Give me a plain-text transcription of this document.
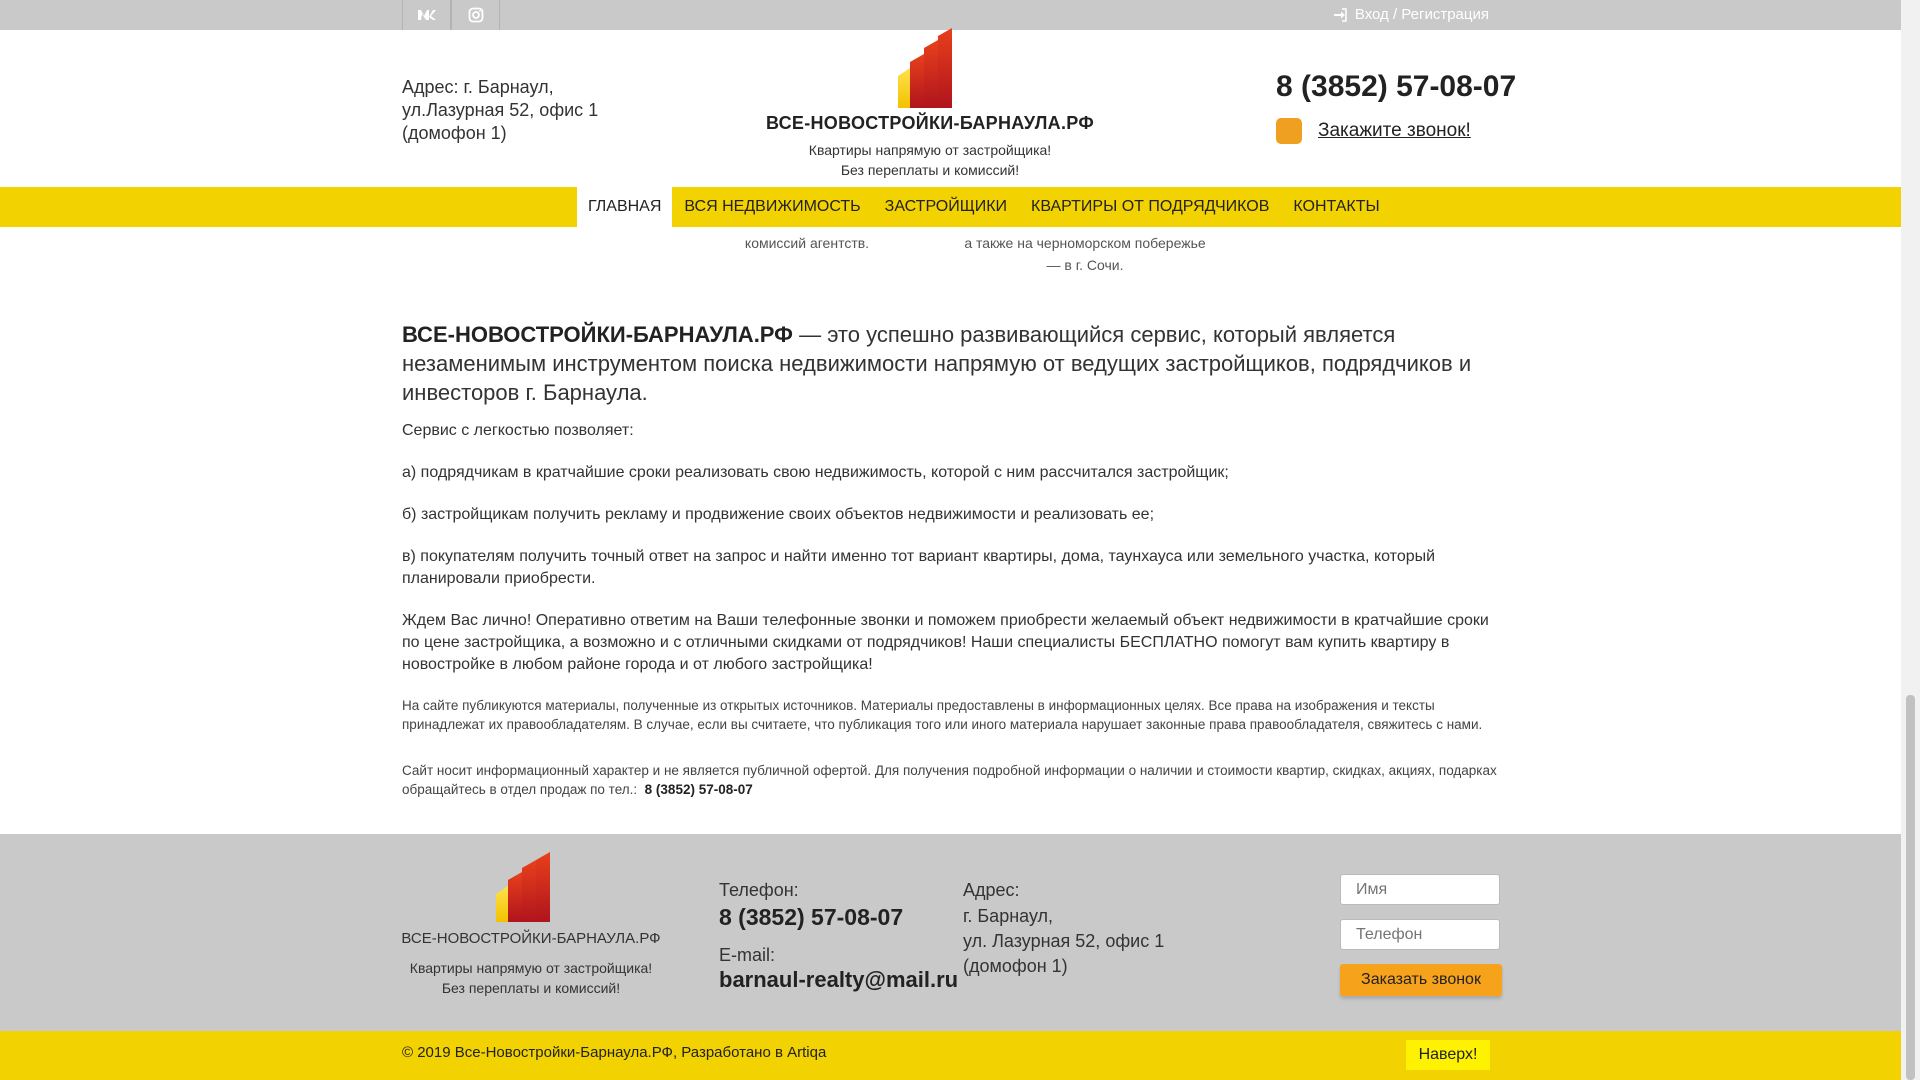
Вход / Регистрация
Адрес: г. Барнаул,
ул.Лазурная 52, офис 1
(домофон 1)	ВСЕ-НОВОСТРОЙКИ-БАРНАУЛА.РФ
Квартиры напрямую от застройщика!
Без переплаты и комиссий!
8 (3852) 57-08-07
Закажите звонок!
комиссий агентств.	а также на черноморском побережье
— в г. Сочи.
ГЛАВНАЯ	ВСЯ НЕДВИЖИМОСТЬ	ЗАСТРОЙЩИКИ	КВАРТИРЫ ОТ ПОДРЯДЧИКОВ	КОНТАКТЫ
ВСЕ-НОВОСТРОЙКИ-БАРНАУЛА.РФ — это успешно развивающийся сервис, который является незаменимым инструментом поиска недвижимости напрямую от ведущих застройщиков, подрядчиков и инвесторов г. Барнаула.
Сервис с легкостью позволяет:
а) подрядчикам в кратчайшие сроки реализовать свою недвижимость, которой с ним рассчитался застройщик;
б) застройщикам получить рекламу и продвижение своих объектов недвижимости и реализовать ее;
в) покупателям получить точный ответ на запрос и найти именно тот вариант квартиры, дома, таунхауса или земельного участка, который планировали приобрести.
Ждем Вас лично! Оперативно ответим на Ваши телефонные звонки и поможем приобрести желаемый объект недвижимости в кратчайшие сроки по цене застройщика, а возможно и с отличными скидками от подрядчиков! Наши специалисты БЕСПЛАТНО помогут вам купить квартиру в новостройке в любом районе города и от любого застройщика!
На сайте публикуются материалы, полученные из открытых источников. Материалы предоставлены в информационных целях. Все права на изображения и тексты принадлежат их правообладателям. В случае, если вы считаете, что публикация того или иного материала нарушает законные права правообладателя, свяжитесь с нами.
Сайт носит информационный характер и не является публичной офертой. Для получения подробной информации о наличии и стоимости квартир, скидках, акциях, подарках обращайтесь в отдел продаж по тел.: 8 (3852) 57-08-07
ВСЕ-НОВОСТРОЙКИ-БАРНАУЛА.РФ
Квартиры напрямую от застройщика!
Без переплаты и комиссий!
Телефон:
8 (3852) 57-08-07
E-mail:
barnaul-realty@mail.ru
Адрес:
г. Барнаул,
ул. Лазурная 52, офис 1
(домофон 1)
Имя
Телефон
Заказать звонок
© 2019 Все-Новостройки-Барнаула.РФ, Разработано в Artiqa	Наверх!
